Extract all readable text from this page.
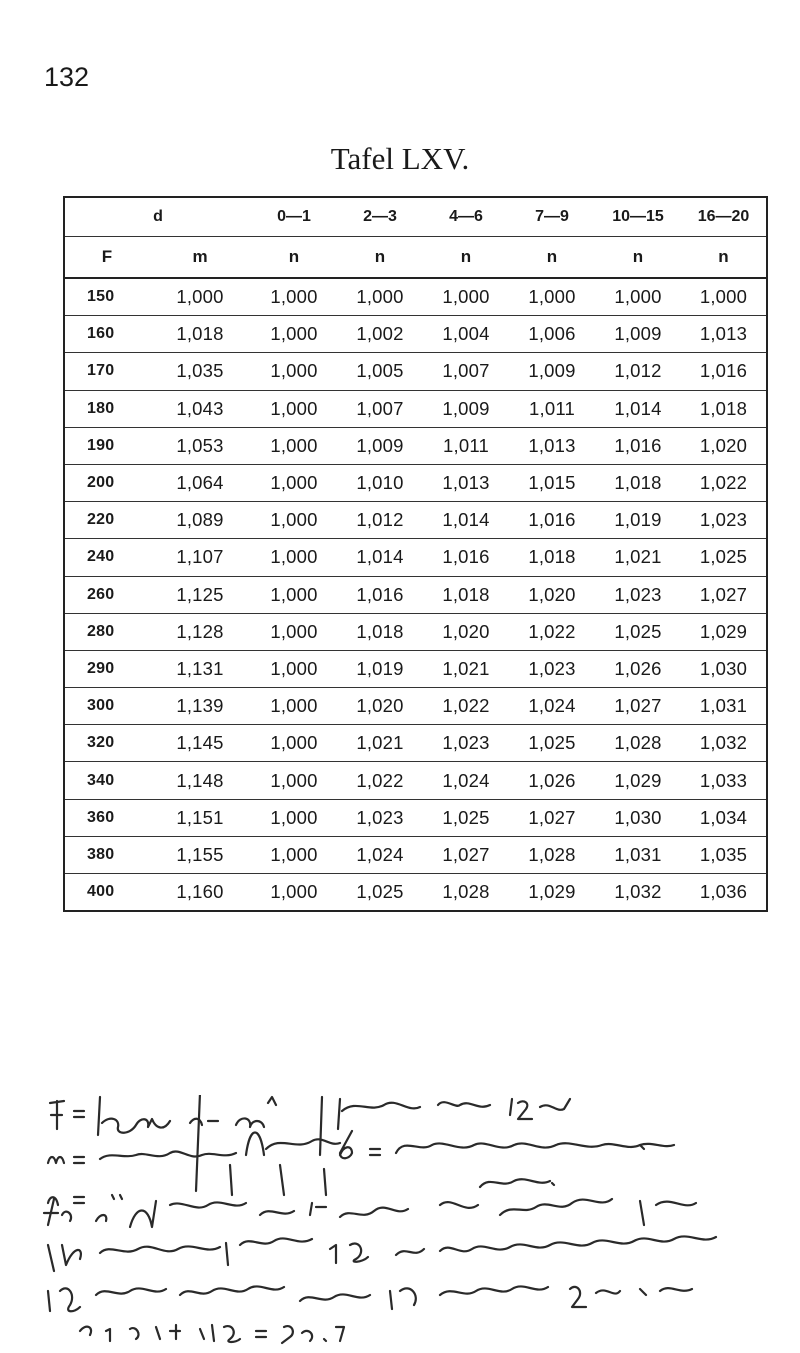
132
Tafel LXV.
d		0—1	2—3	4—6	7—9	10—15	16—20
F	m	n	n	n	n	n	n
150	1,000	1,000	1,000	1,000	1,000	1,000	1,000
160	1,018	1,000	1,002	1,004	1,006	1,009	1,013
170	1,035	1,000	1,005	1,007	1,009	1,012	1,016
180	1,043	1,000	1,007	1,009	1,011	1,014	1,018
190	1,053	1,000	1,009	1,011	1,013	1,016	1,020
200	1,064	1,000	1,010	1,013	1,015	1,018	1,022
220	1,089	1,000	1,012	1,014	1,016	1,019	1,023
240	1,107	1,000	1,014	1,016	1,018	1,021	1,025
260	1,125	1,000	1,016	1,018	1,020	1,023	1,027
280	1,128	1,000	1,018	1,020	1,022	1,025	1,029
290	1,131	1,000	1,019	1,021	1,023	1,026	1,030
300	1,139	1,000	1,020	1,022	1,024	1,027	1,031
320	1,145	1,000	1,021	1,023	1,025	1,028	1,032
340	1,148	1,000	1,022	1,024	1,026	1,029	1,033
360	1,151	1,000	1,023	1,025	1,027	1,030	1,034
380	1,155	1,000	1,024	1,027	1,028	1,031	1,035
400	1,160	1,000	1,025	1,028	1,029	1,032	1,036
